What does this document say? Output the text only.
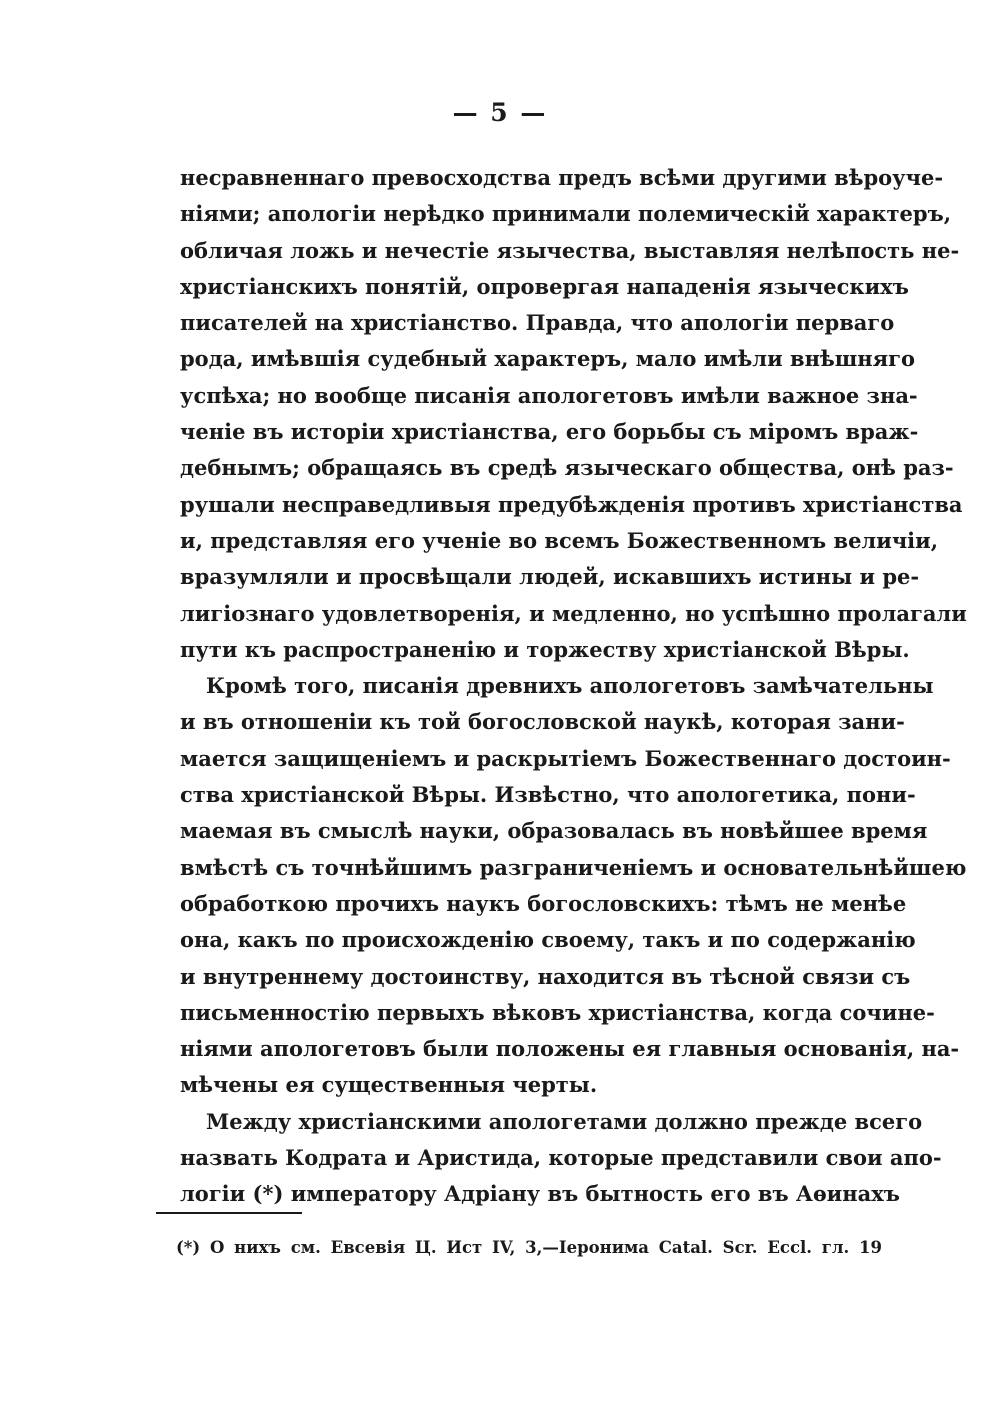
— 5 —
несравненнаго превосходства предъ всѣми другими вѣроуче-
ніями; апологіи нерѣдко принимали полемическій характеръ,
обличая ложь и нечестіе язычества, выставляя нелѣпость не-
христіанскихъ понятій, опровергая нападенія языческихъ
писателей на христіанство. Правда, что апологіи перваго
рода, имѣвшія судебный характеръ, мало имѣли внѣшняго
успѣха; но вообще писанія апологетовъ имѣли важное зна-
ченіе въ исторіи христіанства, его борьбы съ міромъ враж-
дебнымъ; обращаясь въ средѣ языческаго общества, онѣ раз-
рушали несправедливыя предубѣжденія противъ христіанства
и, представляя его ученіе во всемъ Божественномъ величіи,
вразумляли и просвѣщали людей, искавшихъ истины и ре-
лигіознаго удовлетворенія, и медленно, но успѣшно пролагали
пути къ распространенію и торжеству христіанской Вѣры.
Кромѣ того, писанія древнихъ апологетовъ замѣчательны
и въ отношеніи къ той богословской наукѣ, которая зани-
мается защищеніемъ и раскрытіемъ Божественнаго достоин-
ства христіанской Вѣры. Извѣстно, что апологетика, пони-
маемая въ смыслѣ науки, образовалась въ новѣйшее время
вмѣстѣ съ точнѣйшимъ разграниченіемъ и основательнѣйшею
обработкою прочихъ наукъ богословскихъ: тѣмъ не менѣе
она, какъ по происхожденію своему, такъ и по содержанію
и внутреннему достоинству, находится въ тѣсной связи съ
письменностію первыхъ вѣковъ христіанства, когда сочине-
ніями апологетовъ были положены ея главныя основанія, на-
мѣчены ея существенныя черты.
Между христіанскими апологетами должно прежде всего
назвать Кодрата и Аристида, которые представили свои апо-
логіи (*) императору Адріану въ бытность его въ Аѳинахъ
(*) О нихъ см. Евсевія Ц. Ист IV, 3,—Іеронима Catal. Scr. Eccl. гл. 19
